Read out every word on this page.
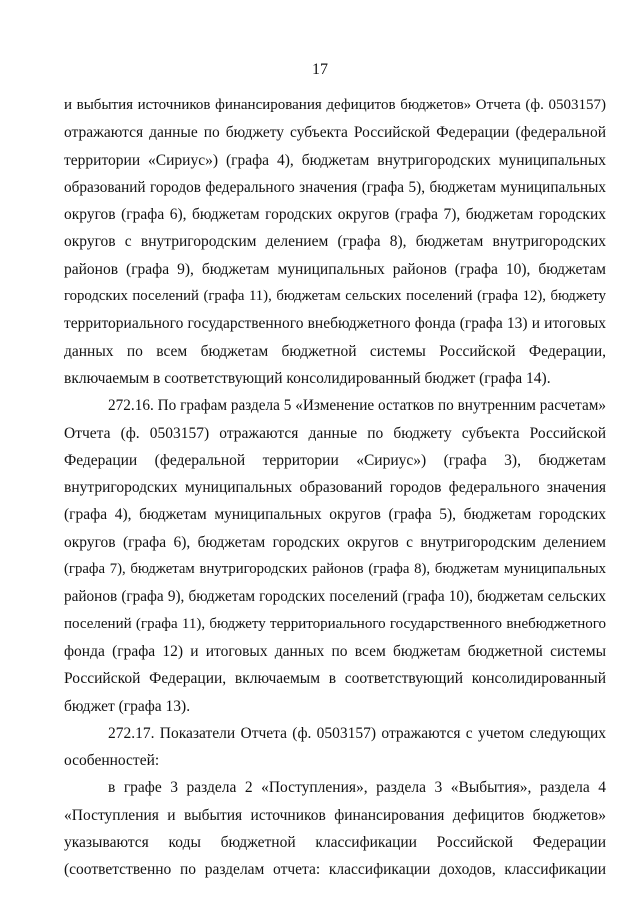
17
и выбытия источников финансирования дефицитов бюджетов» Отчета (ф. 0503157)
отражаются данные по бюджету субъекта Российской Федерации (федеральной
территории «Сириус») (графа 4), бюджетам внутригородских муниципальных
образований городов федерального значения (графа 5), бюджетам муниципальных
округов (графа 6), бюджетам городских округов (графа 7), бюджетам городских
округов с внутригородским делением (графа 8), бюджетам внутригородских
районов (графа 9), бюджетам муниципальных районов (графа 10), бюджетам
городских поселений (графа 11), бюджетам сельских поселений (графа 12), бюджету
территориального государственного внебюджетного фонда (графа 13) и итоговых
данных по всем бюджетам бюджетной системы Российской Федерации,
включаемым в соответствующий консолидированный бюджет (графа 14).
272.16. По графам раздела 5 «Изменение остатков по внутренним расчетам»
Отчета (ф. 0503157) отражаются данные по бюджету субъекта Российской
Федерации (федеральной территории «Сириус») (графа 3), бюджетам
внутригородских муниципальных образований городов федерального значения
(графа 4), бюджетам муниципальных округов (графа 5), бюджетам городских
округов (графа 6), бюджетам городских округов с внутригородским делением
(графа 7), бюджетам внутригородских районов (графа 8), бюджетам муниципальных
районов (графа 9), бюджетам городских поселений (графа 10), бюджетам сельских
поселений (графа 11), бюджету территориального государственного внебюджетного
фонда (графа 12) и итоговых данных по всем бюджетам бюджетной системы
Российской Федерации, включаемым в соответствующий консолидированный
бюджет (графа 13).
272.17. Показатели Отчета (ф. 0503157) отражаются с учетом следующих
особенностей:
в графе 3 раздела 2 «Поступления», раздела 3 «Выбытия», раздела 4
«Поступления и выбытия источников финансирования дефицитов бюджетов»
указываются коды бюджетной классификации Российской Федерации
(соответственно по разделам отчета: классификации доходов, классификации
